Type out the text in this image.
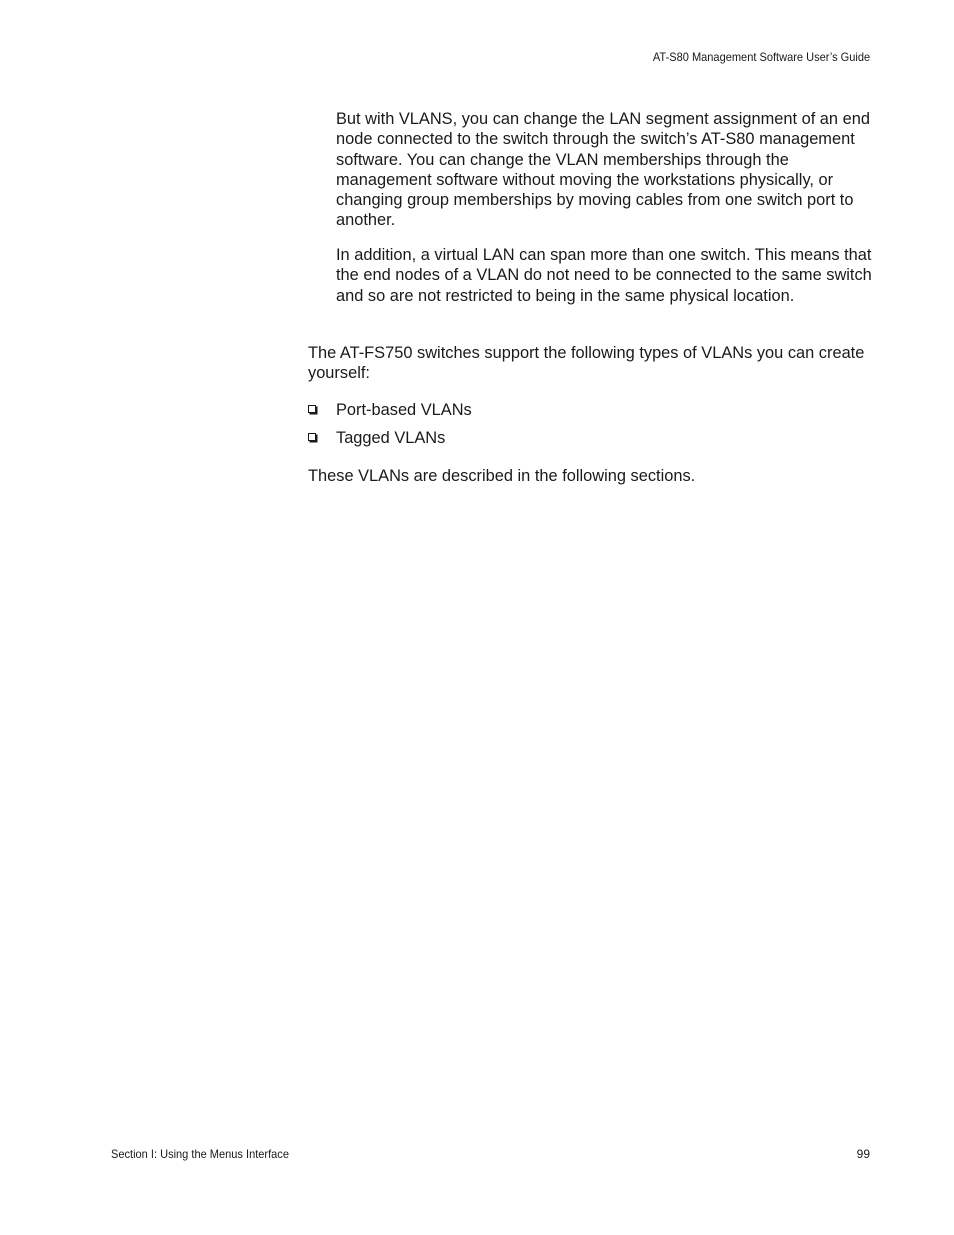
AT-S80 Management Software User’s Guide

But with VLANS, you can change the LAN segment assignment of an end node connected to the switch through the switch’s AT-S80 management software. You can change the VLAN memberships through the management software without moving the workstations physically, or changing group memberships by moving cables from one switch port to another.

In addition, a virtual LAN can span more than one switch. This means that the end nodes of a VLAN do not need to be connected to the same switch and so are not restricted to being in the same physical location.

The AT-FS750 switches support the following types of VLANs you can create yourself:

Port-based VLANs
Tagged VLANs

These VLANs are described in the following sections.

Section I: Using the Menus Interface	99
